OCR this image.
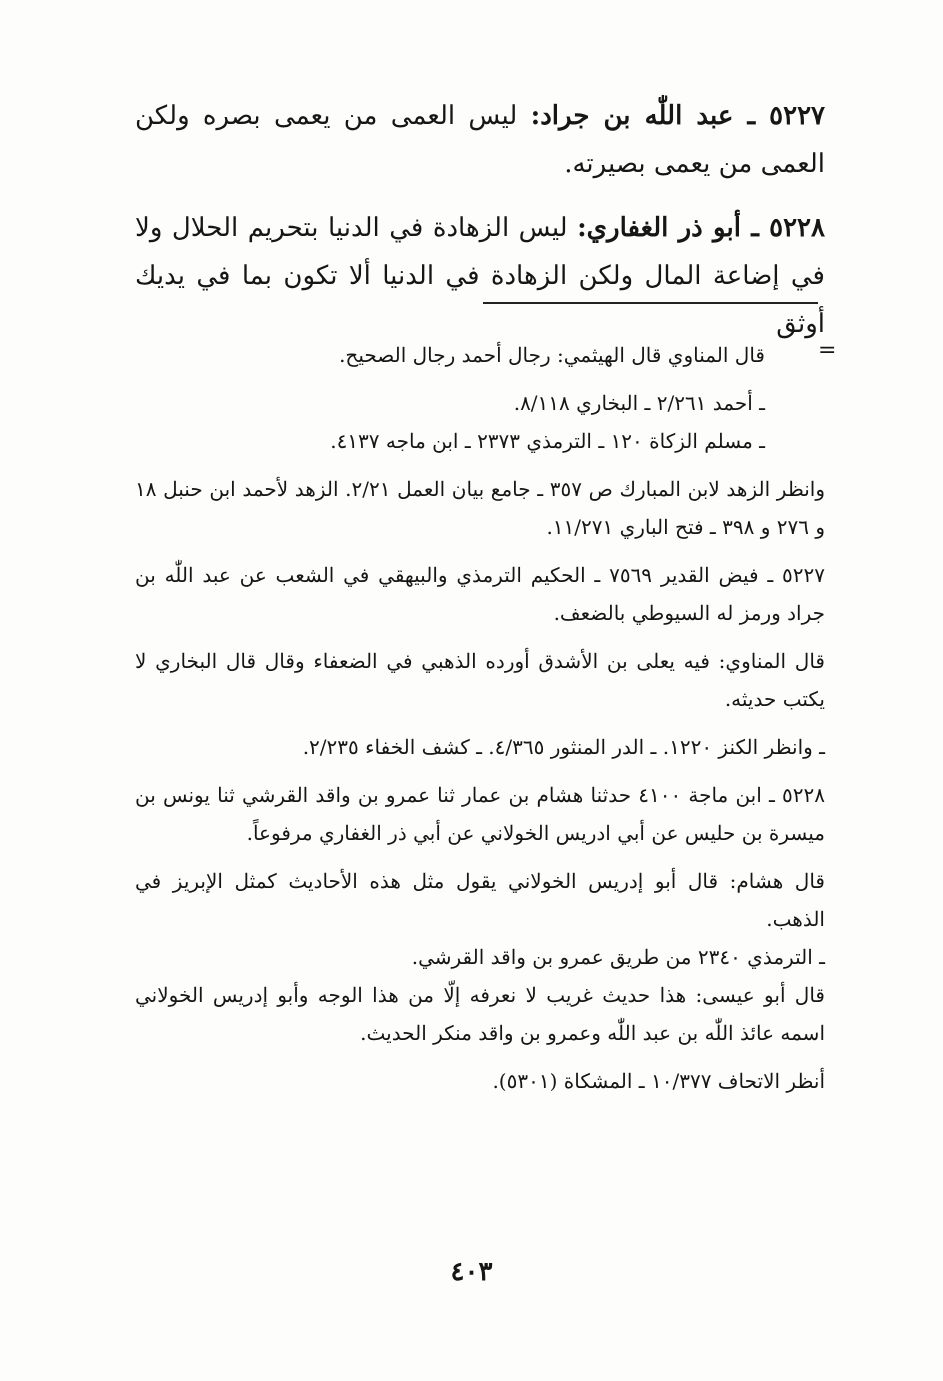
٥٢٢٧ ـ عبد اللّٰه بن جراد: ليس العمى من يعمى بصره ولكن العمى من يعمى بصيرته.

٥٢٢٨ ـ أبو ذر الغفاري: ليس الزهادة في الدنيا بتحريم الحلال ولا في إضاعة المال ولكن الزهادة في الدنيا ألا تكون بما في يديك أوثق

=

قال المناوي قال الهيثمي: رجال أحمد رجال الصحيح.

ـ أحمد ٢/٢٦١ ـ البخاري ٨/١١٨.

ـ مسلم الزكاة ١٢٠ ـ الترمذي ٢٣٧٣ ـ ابن ماجه ٤١٣٧.

وانظر الزهد لابن المبارك ص ٣٥٧ ـ جامع بيان العمل ٢/٢١. الزهد لأحمد ابن حنبل ١٨ و ٢٧٦ و ٣٩٨ ـ فتح الباري ١١/٢٧١.

٥٢٢٧ ـ فيض القدير ٧٥٦٩ ـ الحكيم الترمذي والبيهقي في الشعب عن عبد اللّٰه بن جراد ورمز له السيوطي بالضعف.

قال المناوي: فيه يعلى بن الأشدق أورده الذهبي في الضعفاء وقال قال البخاري لا يكتب حديثه.

ـ وانظر الكنز ١٢٢٠. ـ الدر المنثور ٤/٣٦٥. ـ كشف الخفاء ٢/٢٣٥.

٥٢٢٨ ـ ابن ماجة ٤١٠٠ حدثنا هشام بن عمار ثنا عمرو بن واقد القرشي ثنا يونس بن ميسرة بن حليس عن أبي ادريس الخولاني عن أبي ذر الغفاري مرفوعاً.

قال هشام: قال أبو إدريس الخولاني يقول مثل هذه الأحاديث كمثل الإبريز في الذهب.

ـ الترمذي ٢٣٤٠ من طريق عمرو بن واقد القرشي.

قال أبو عيسى: هذا حديث غريب لا نعرفه إلّا من هذا الوجه وأبو إدريس الخولاني اسمه عائذ اللّٰه بن عبد اللّٰه وعمرو بن واقد منكر الحديث.

أنظر الاتحاف ١٠/٣٧٧ ـ المشكاة (٥٣٠١).

٤٠٣
